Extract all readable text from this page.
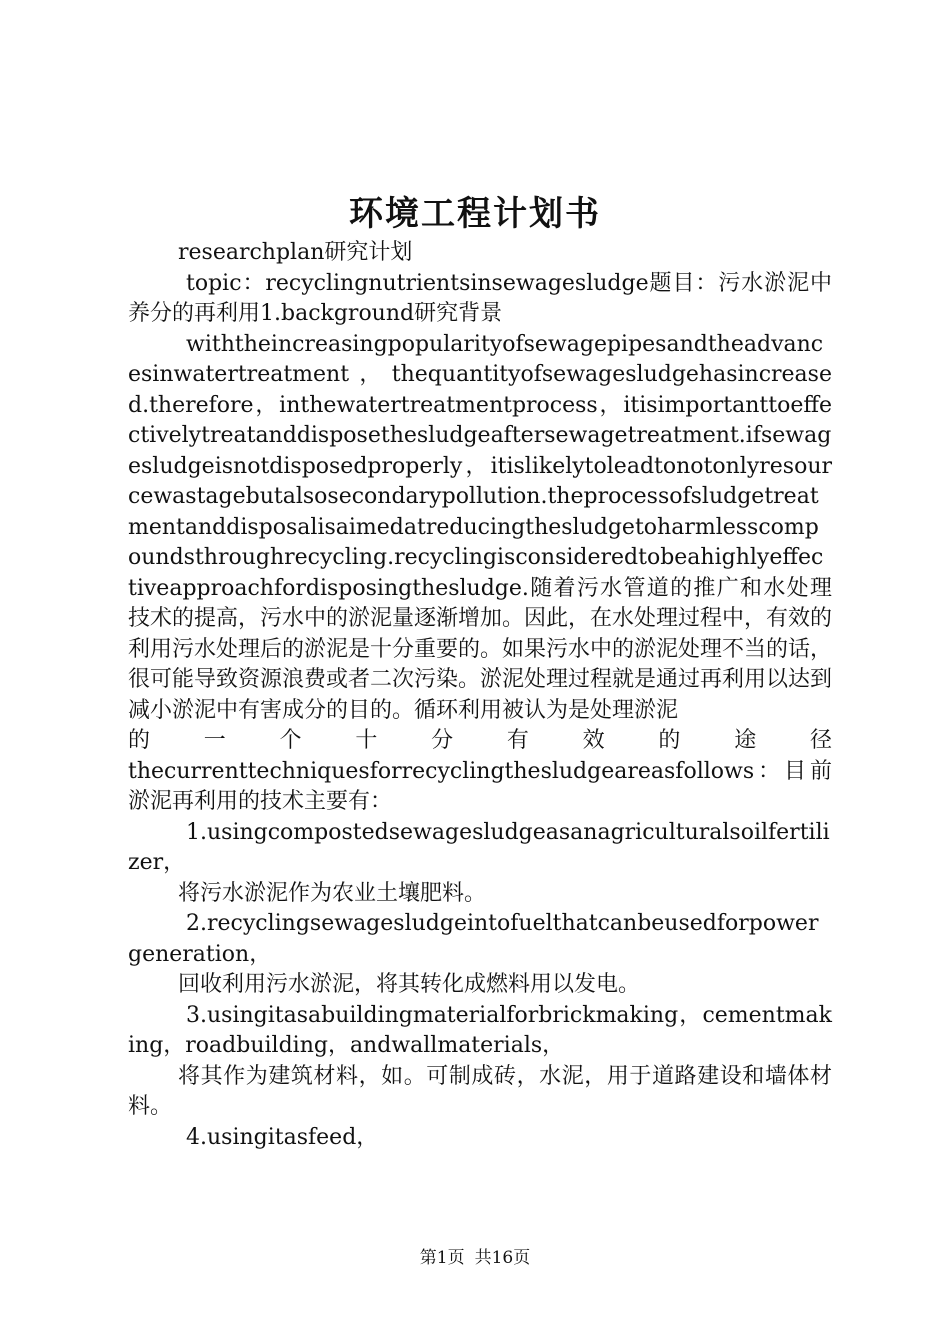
环境工程计划书

researchplan研究计划

topic：recyclingnutrientsinsewagesludge题目：污水淤泥中养分的再利用1.background研究背景

withtheincreasingpopularityofsewagepipesandtheadvancesinwatertreatment，thequantityofsewagesludgehasincreased.therefore，inthewatertreatmentprocess，itisimportanttoeffectivelytreatanddisposethesludgeaftersewagetreatment.ifsewagesludgeisnotdisposedproperly，itislikelytoleadtonotonlyresourcewastagebutalsosecondarypollution.theprocessofsludgetreatmentanddisposalisaimedatreducingthesludgetoharmlesscompoundsthroughrecycling.recyclingisconsideredtobeahighlyeffectiveapproachfordisposingthesludge.随着污水管道的推广和水处理技术的提高，污水中的淤泥量逐渐增加。因此，在水处理过程中，有效的利用污水处理后的淤泥是十分重要的。如果污水中的淤泥处理不当的话，很可能导致资源浪费或者二次污染。淤泥处理过程就是通过再利用以达到减小淤泥中有害成分的目的。循环利用被认为是处理淤泥

的一个十分有效的途径

thecurrenttechniquesforrecyclingthesludgeareasfollows：目前淤泥再利用的技术主要有：

1.usingcompostedsewagesludgeasanagriculturalsoilfertilizer，

将污水淤泥作为农业土壤肥料。

2.recyclingsewagesludgeintofuelthatcanbeusedforpowergeneration，

回收利用污水淤泥，将其转化成燃料用以发电。

3.usingitasabuildingmaterialforbrickmaking，cementmaking，roadbuilding，andwallmaterials，

将其作为建筑材料，如。可制成砖，水泥，用于道路建设和墙体材料。

4.usingitasfeed，

第1页 共16页
